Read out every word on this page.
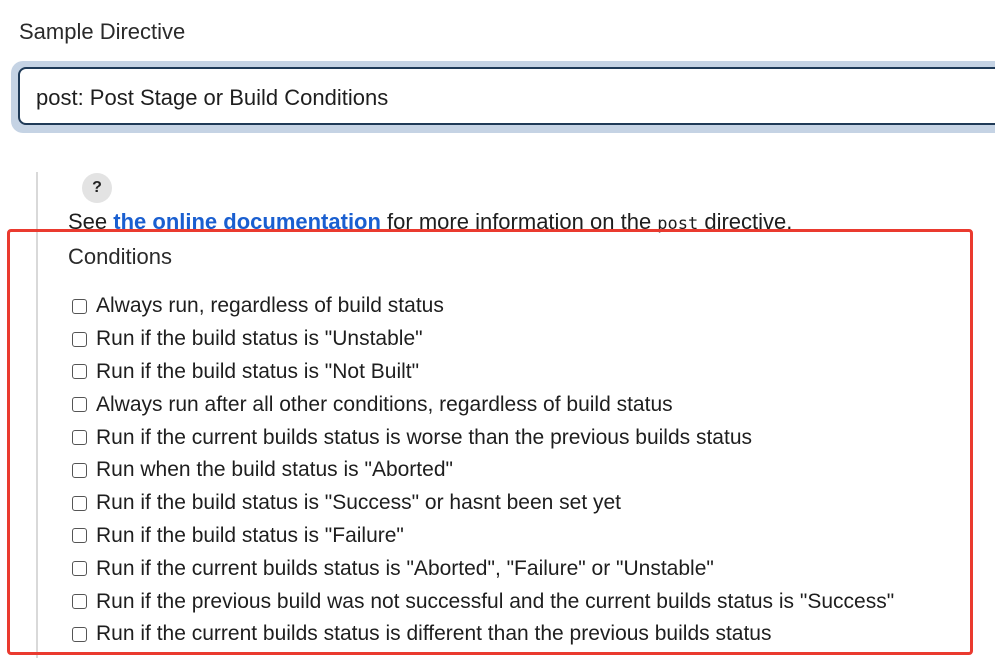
Sample Directive
post: Post Stage or Build Conditions
?
See the online documentation for more information on the post directive.
Conditions
Always run, regardless of build status
Run if the build status is "Unstable"
Run if the build status is "Not Built"
Always run after all other conditions, regardless of build status
Run if the current builds status is worse than the previous builds status
Run when the build status is "Aborted"
Run if the build status is "Success" or hasnt been set yet
Run if the build status is "Failure"
Run if the current builds status is "Aborted", "Failure" or "Unstable"
Run if the previous build was not successful and the current builds status is "Success"
Run if the current builds status is different than the previous builds status
